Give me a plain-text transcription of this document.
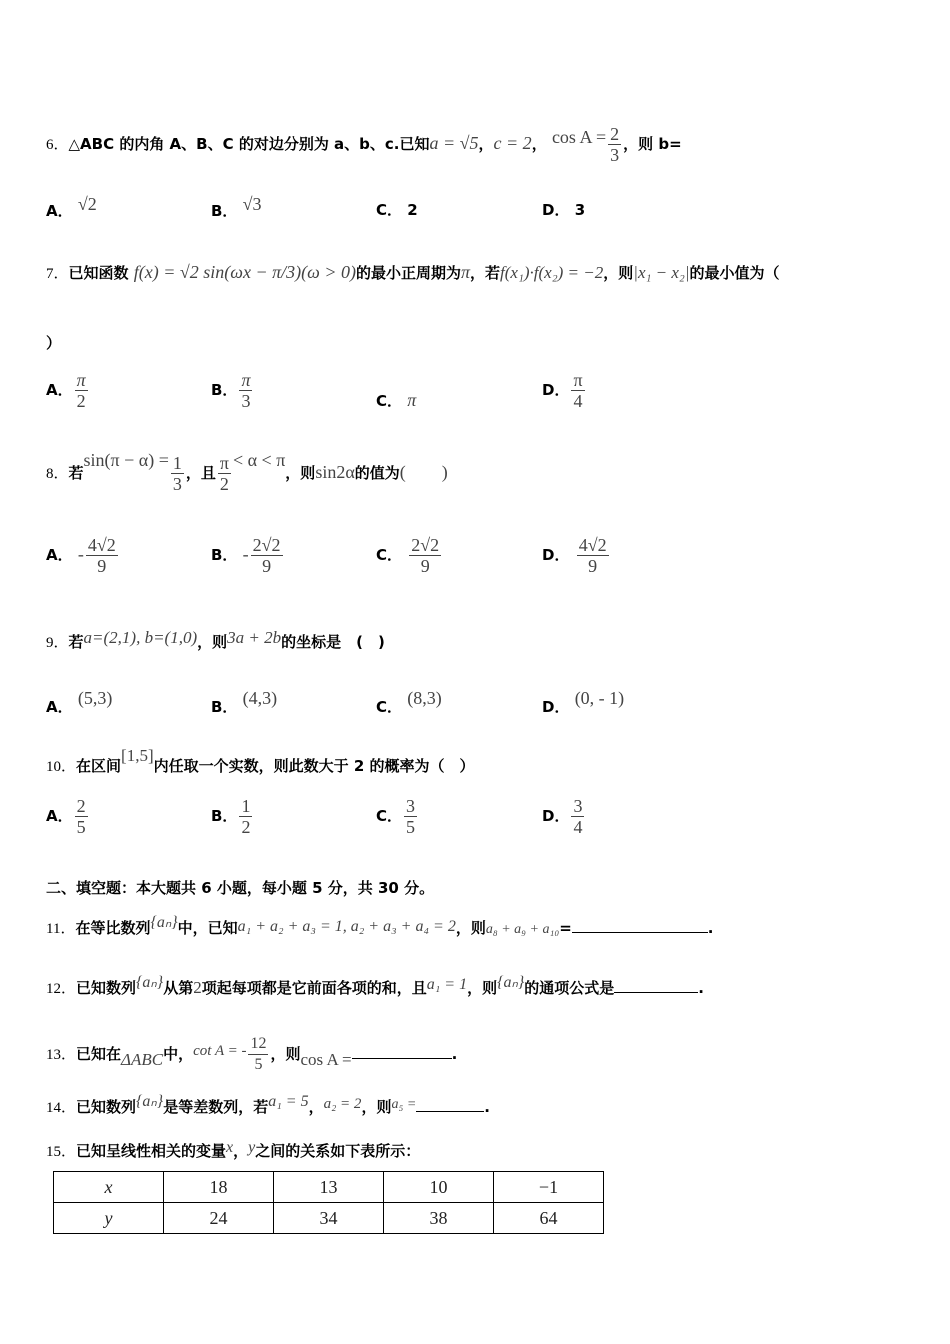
6．△ABC 的内角 A、B、C 的对边分别为 a、b、c.已知a = √5，c = 2， $\cos A = \frac{2}{3}$ ，则 b=
A． √2	B． √3	C． 2	D． 3
7．已知函数 f(x) = √2 sin(ωx − π/3)(ω > 0)的最小正周期为π，若f(x₁)·f(x₂) = −2，则|x₁ − x₂|的最小值为（
）
A． $\frac{\pi}{2}$	B． $\frac{\pi}{3}$	C． π	D． $\frac{\pi}{4}$
8．若$\sin(\pi - \alpha) = \frac{1}{3}$ ，且 $\frac{\pi}{2} < \alpha < \pi$，则sin2α的值为(　　)
A． - $\frac{4√2}{9}$	B． - $\frac{2√2}{9}$	C． $\frac{2√2}{9}$	D． $\frac{4√2}{9}$
9．若a=(2,1), b=(1,0)，则3a + 2b的坐标是　(　)
A． (5,3)	B． (4,3)	C． (8,3)	D． (0, - 1)
10．在区间[1,5]内任取一个实数，则此数大于 2 的概率为（　）
A． $\frac{2}{5}$	B． $\frac{1}{2}$	C． $\frac{3}{5}$	D． $\frac{3}{4}$
二、填空题：本大题共 6 小题，每小题 5 分，共 30 分。
11．在等比数列{aₙ}中，已知a₁ + a₂ + a₃ = 1, a₂ + a₃ + a₄ = 2，则a₈ + a₉ + a₁₀=	.
12．已知数列{aₙ}从第2项起每项都是它前面各项的和，且a₁ = 1，则{aₙ}的通项公式是	.
13．已知在ΔABC中，cot A = - $\frac{12}{5}$ ，则cos A =	.
14．已知数列{aₙ}是等差数列，若a₁ = 5，a₂ = 2，则a₅ =	.
15．已知呈线性相关的变量x，y之间的关系如下表所示：
x	18	13	10	−1
y	24	34	38	64
